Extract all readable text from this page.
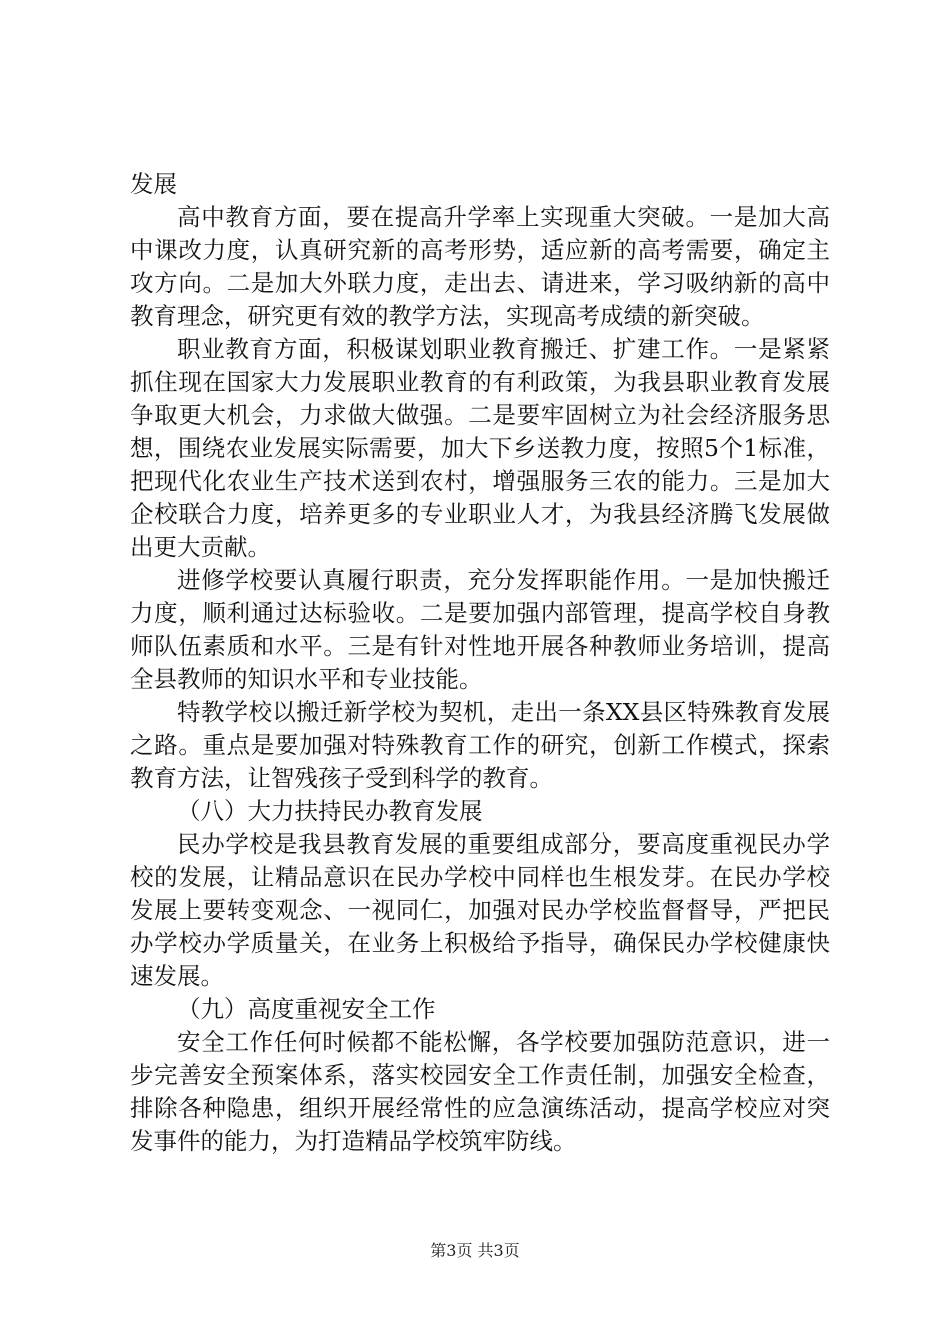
发展

高中教育方面，要在提高升学率上实现重大突破。一是加大高中课改力度，认真研究新的高考形势，适应新的高考需要，确定主攻方向。二是加大外联力度，走出去、请进来，学习吸纳新的高中教育理念，研究更有效的教学方法，实现高考成绩的新突破。

职业教育方面，积极谋划职业教育搬迁、扩建工作。一是紧紧抓住现在国家大力发展职业教育的有利政策，为我县职业教育发展争取更大机会，力求做大做强。二是要牢固树立为社会经济服务思想，围绕农业发展实际需要，加大下乡送教力度，按照5个1标准，把现代化农业生产技术送到农村，增强服务三农的能力。三是加大企校联合力度，培养更多的专业职业人才，为我县经济腾飞发展做出更大贡献。

进修学校要认真履行职责，充分发挥职能作用。一是加快搬迁力度，顺利通过达标验收。二是要加强内部管理，提高学校自身教师队伍素质和水平。三是有针对性地开展各种教师业务培训，提高全县教师的知识水平和专业技能。

特教学校以搬迁新学校为契机，走出一条XX县区特殊教育发展之路。重点是要加强对特殊教育工作的研究，创新工作模式，探索教育方法，让智残孩子受到科学的教育。

（八）大力扶持民办教育发展

民办学校是我县教育发展的重要组成部分，要高度重视民办学校的发展，让精品意识在民办学校中同样也生根发芽。在民办学校发展上要转变观念、一视同仁，加强对民办学校监督督导，严把民办学校办学质量关，在业务上积极给予指导，确保民办学校健康快速发展。

（九）高度重视安全工作

安全工作任何时候都不能松懈，各学校要加强防范意识，进一步完善安全预案体系，落实校园安全工作责任制，加强安全检查，排除各种隐患，组织开展经常性的应急演练活动，提高学校应对突发事件的能力，为打造精品学校筑牢防线。

第3页 共3页
